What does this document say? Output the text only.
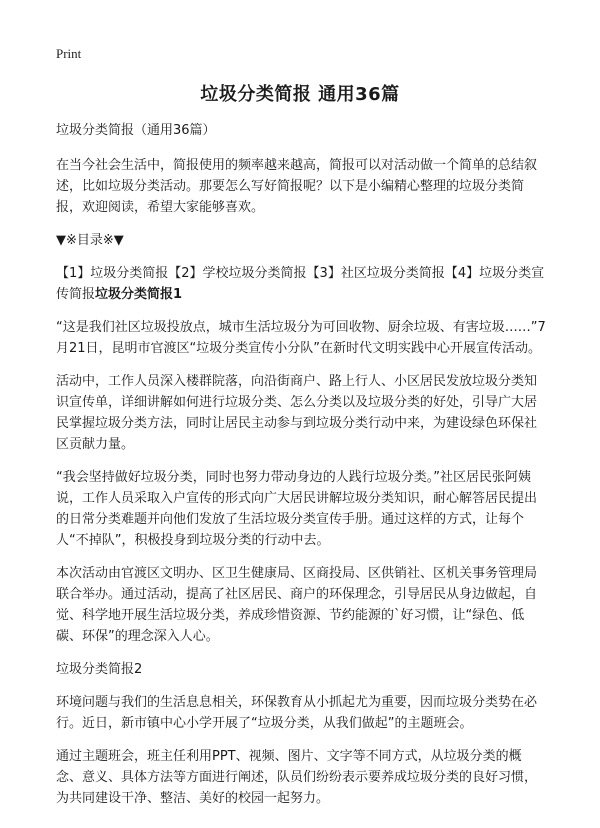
Print
垃圾分类简报 通用36篇

垃圾分类简报（通用36篇）

在当今社会生活中，简报使用的频率越来越高，简报可以对活动做一个简单的总结叙述，比如垃圾分类活动。那要怎么写好简报呢？以下是小编精心整理的垃圾分类简报，欢迎阅读，希望大家能够喜欢。

▼※目录※▼

【1】垃圾分类简报【2】学校垃圾分类简报【3】社区垃圾分类简报【4】垃圾分类宣传简报垃圾分类简报1

“这是我们社区垃圾投放点，城市生活垃圾分为可回收物、厨余垃圾、有害垃圾……”7月21日，昆明市官渡区“垃圾分类宣传小分队”在新时代文明实践中心开展宣传活动。

活动中，工作人员深入楼群院落，向沿街商户、路上行人、小区居民发放垃圾分类知识宣传单，详细讲解如何进行垃圾分类、怎么分类以及垃圾分类的好处，引导广大居民掌握垃圾分类方法，同时让居民主动参与到垃圾分类行动中来，为建设绿色环保社区贡献力量。

“我会坚持做好垃圾分类，同时也努力带动身边的人践行垃圾分类。”社区居民张阿姨说，工作人员采取入户宣传的形式向广大居民讲解垃圾分类知识，耐心解答居民提出的日常分类难题并向他们发放了生活垃圾分类宣传手册。通过这样的方式，让每个人“不掉队”，积极投身到垃圾分类的行动中去。

本次活动由官渡区文明办、区卫生健康局、区商投局、区供销社、区机关事务管理局联合举办。通过活动，提高了社区居民、商户的环保理念，引导居民从身边做起，自觉、科学地开展生活垃圾分类，养成珍惜资源、节约能源的`好习惯，让“绿色、低碳、环保”的理念深入人心。

垃圾分类简报2

环境问题与我们的生活息息相关，环保教育从小抓起尤为重要，因而垃圾分类势在必行。近日，新市镇中心小学开展了“垃圾分类，从我们做起”的主题班会。

通过主题班会，班主任利用PPT、视频、图片、文字等不同方式，从垃圾分类的概念、意义、具体方法等方面进行阐述，队员们纷纷表示要养成垃圾分类的良好习惯，为共同建设干净、整洁、美好的校园一起努力。
